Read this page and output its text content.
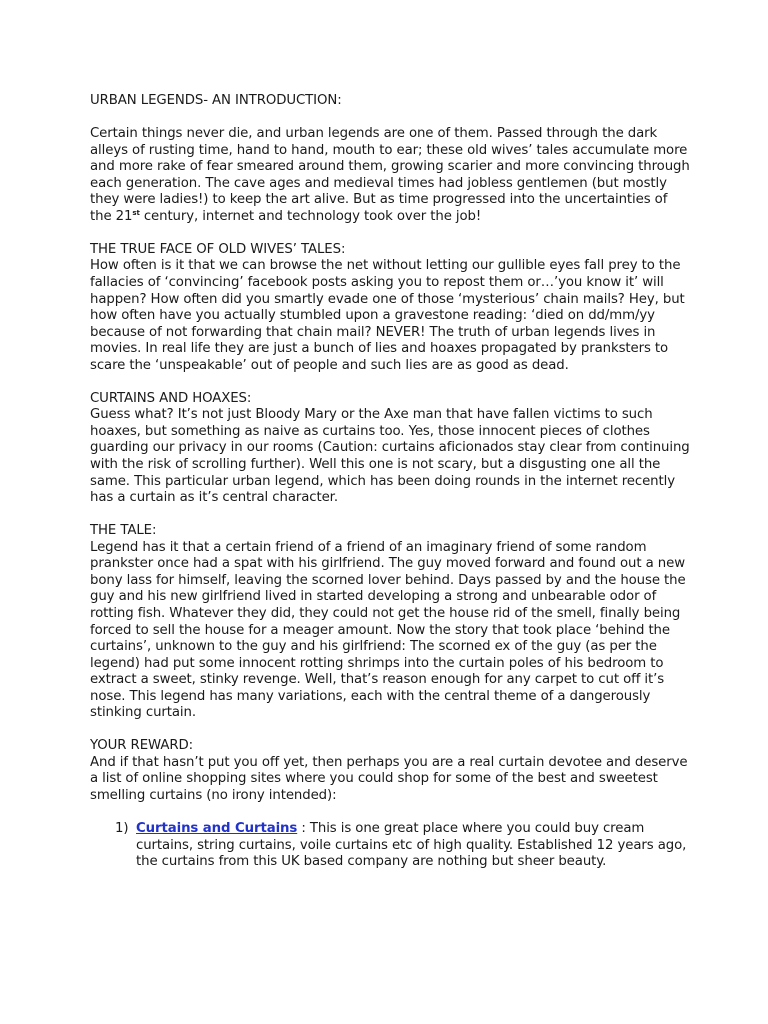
URBAN LEGENDS- AN INTRODUCTION:

Certain things never die, and urban legends are one of them. Passed through the dark alleys of rusting time, hand to hand, mouth to ear; these old wives’ tales accumulate more and more rake of fear smeared around them, growing scarier and more convincing through each generation. The cave ages and medieval times had jobless gentlemen (but mostly they were ladies!) to keep the art alive. But as time progressed into the uncertainties of the 21st century, internet and technology took over the job!

THE TRUE FACE OF OLD WIVES’ TALES:

How often is it that we can browse the net without letting our gullible eyes fall prey to the fallacies of ‘convincing’ facebook posts asking you to repost them or…’you know it’ will happen? How often did you smartly evade one of those ‘mysterious’ chain mails? Hey, but how often have you actually stumbled upon a gravestone reading: ‘died on dd/mm/yy because of not forwarding that chain mail? NEVER! The truth of urban legends lives in movies. In real life they are just a bunch of lies and hoaxes propagated by pranksters to scare the ‘unspeakable’ out of people and such lies are as good as dead.

CURTAINS AND HOAXES:

Guess what? It’s not just Bloody Mary or the Axe man that have fallen victims to such hoaxes, but something as naive as curtains too. Yes, those innocent pieces of clothes guarding our privacy in our rooms (Caution: curtains aficionados stay clear from continuing with the risk of scrolling further). Well this one is not scary, but a disgusting one all the same. This particular urban legend, which has been doing rounds in the internet recently has a curtain as it’s central character.

THE TALE:

Legend has it that a certain friend of a friend of an imaginary friend of some random prankster once had a spat with his girlfriend. The guy moved forward and found out a new bony lass for himself, leaving the scorned lover behind. Days passed by and the house the guy and his new girlfriend lived in started developing a strong and unbearable odor of rotting fish. Whatever they did, they could not get the house rid of the smell, finally being forced to sell the house for a meager amount. Now the story that took place ‘behind the curtains’, unknown to the guy and his girlfriend: The scorned ex of the guy (as per the legend) had put some innocent rotting shrimps into the curtain poles of his bedroom to extract a sweet, stinky revenge. Well, that’s reason enough for any carpet to cut off it’s nose. This legend has many variations, each with the central theme of a dangerously stinking curtain.

YOUR REWARD:

And if that hasn’t put you off yet, then perhaps you are a real curtain devotee and deserve a list of online shopping sites where you could shop for some of the best and sweetest smelling curtains (no irony intended):

1) Curtains and Curtains : This is one great place where you could buy cream curtains, string curtains, voile curtains etc of high quality. Established 12 years ago, the curtains from this UK based company are nothing but sheer beauty.
